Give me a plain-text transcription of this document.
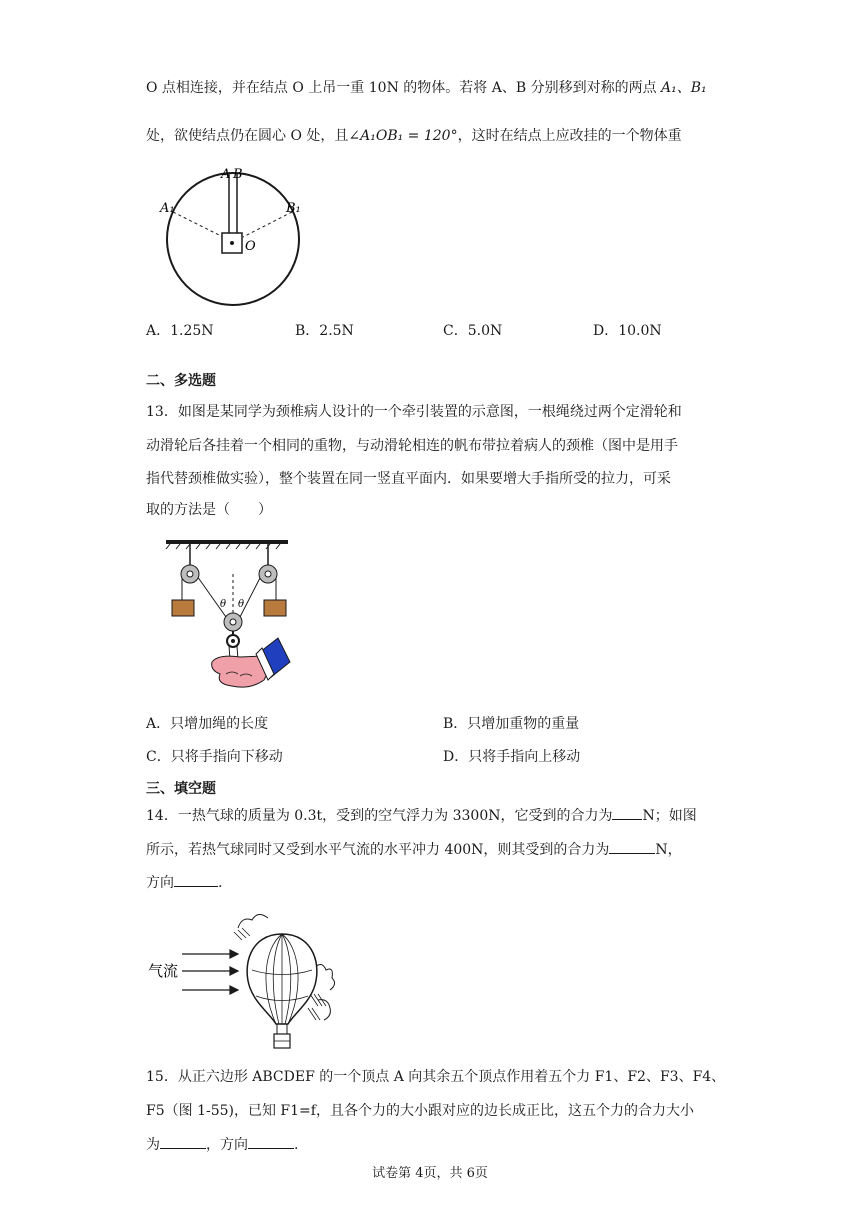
O 点相连接，并在结点 O 上吊一重 10N 的物体。若将 A、B 分别移到对称的两点 A₁、B₁
处，欲使结点仍在圆心 O 处，且∠A₁OB₁ = 120°，这时在结点上应改挂的一个物体重
A B
A₁	B₁
O
A．1.25N	B．2.5N	C．5.0N	D．10.0N
二、多选题
13．如图是某同学为颈椎病人设计的一个牵引装置的示意图，一根绳绕过两个定滑轮和
动滑轮后各挂着一个相同的重物，与动滑轮相连的帆布带拉着病人的颈椎（图中是用手
指代替颈椎做实验），整个装置在同一竖直平面内．如果要增大手指所受的拉力，可采
取的方法是（　　）
θ θ
A．只增加绳的长度	B．只增加重物的重量
C．只将手指向下移动	D．只将手指向上移动
三、填空题
14．一热气球的质量为 0.3t，受到的空气浮力为 3300N，它受到的合力为 N；如图
所示，若热气球同时又受到水平气流的水平冲力 400N，则其受到的合力为	N，
方向	.
气流
15．从正六边形 ABCDEF 的一个顶点 A 向其余五个顶点作用着五个力 F1、F2、F3、F4、
F5（图 1-55)，已知 F1=f，且各个力的大小跟对应的边长成正比，这五个力的合力大小
为	，方向	.
试卷第 4页，共 6页
